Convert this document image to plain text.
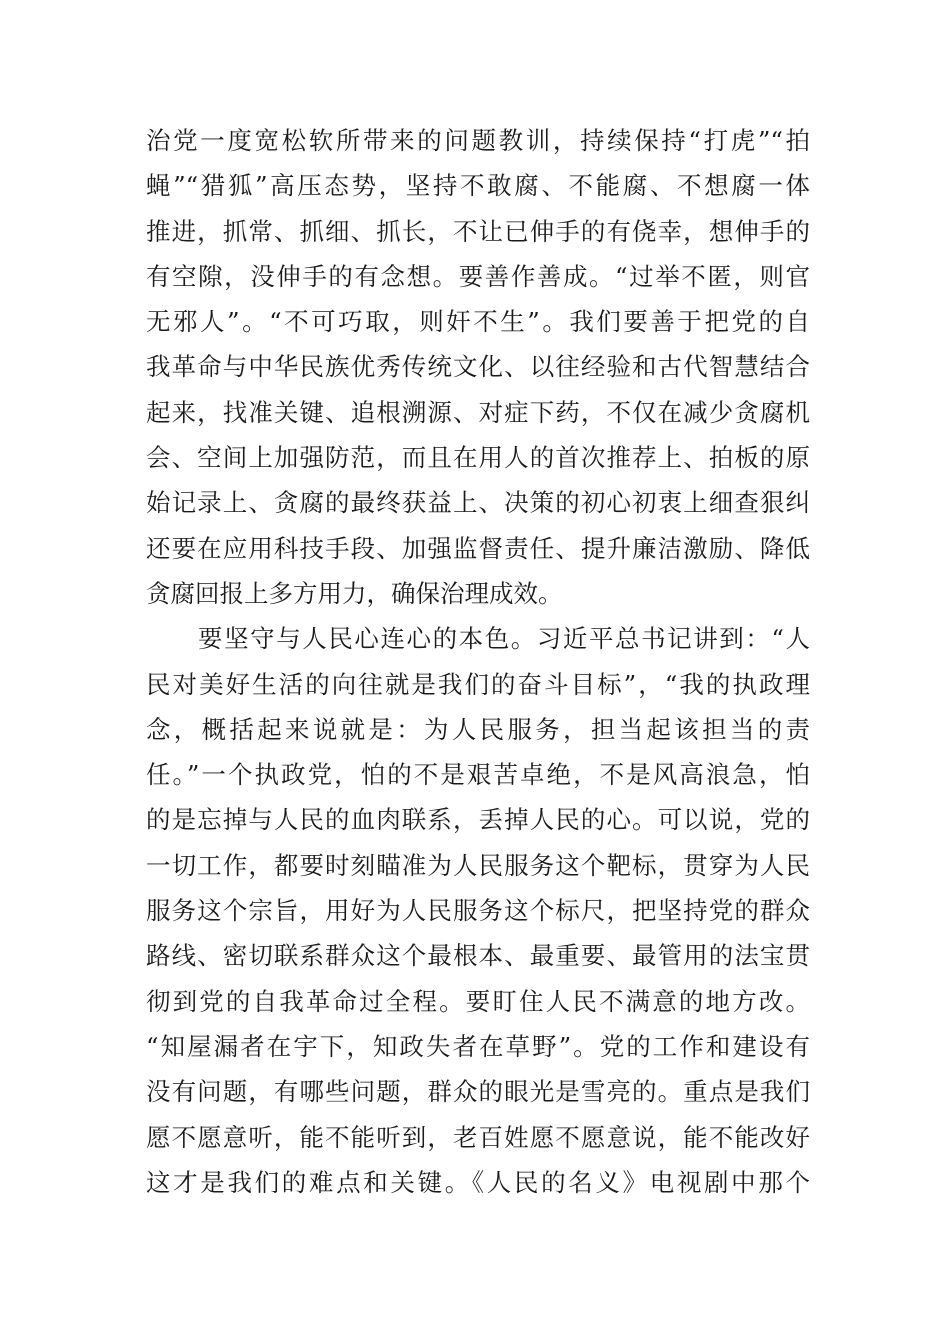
治党一度宽松软所带来的问题教训，持续保持“打虎”“拍
蝇”“猎狐”高压态势，坚持不敢腐、不能腐、不想腐一体
推进，抓常、抓细、抓长，不让已伸手的有侥幸，想伸手的
有空隙，没伸手的有念想。要善作善成。“过举不匿，则官
无邪人”。“不可巧取，则奸不生”。我们要善于把党的自
我革命与中华民族优秀传统文化、以往经验和古代智慧结合
起来，找准关键、追根溯源、对症下药，不仅在减少贪腐机
会、空间上加强防范，而且在用人的首次推荐上、拍板的原
始记录上、贪腐的最终获益上、决策的初心初衷上细查狠纠
还要在应用科技手段、加强监督责任、提升廉洁激励、降低
贪腐回报上多方用力，确保治理成效。
要坚守与人民心连心的本色。习近平总书记讲到：“人
民对美好生活的向往就是我们的奋斗目标”，“我的执政理
念，概括起来说就是：为人民服务，担当起该担当的责
任。”一个执政党，怕的不是艰苦卓绝，不是风高浪急，怕
的是忘掉与人民的血肉联系，丢掉人民的心。可以说，党的
一切工作，都要时刻瞄准为人民服务这个靶标，贯穿为人民
服务这个宗旨，用好为人民服务这个标尺，把坚持党的群众
路线、密切联系群众这个最根本、最重要、最管用的法宝贯
彻到党的自我革命过全程。要盯住人民不满意的地方改。
“知屋漏者在宇下，知政失者在草野”。党的工作和建设有
没有问题，有哪些问题，群众的眼光是雪亮的。重点是我们
愿不愿意听，能不能听到，老百姓愿不愿意说，能不能改好
这才是我们的难点和关键。《人民的名义》电视剧中那个
